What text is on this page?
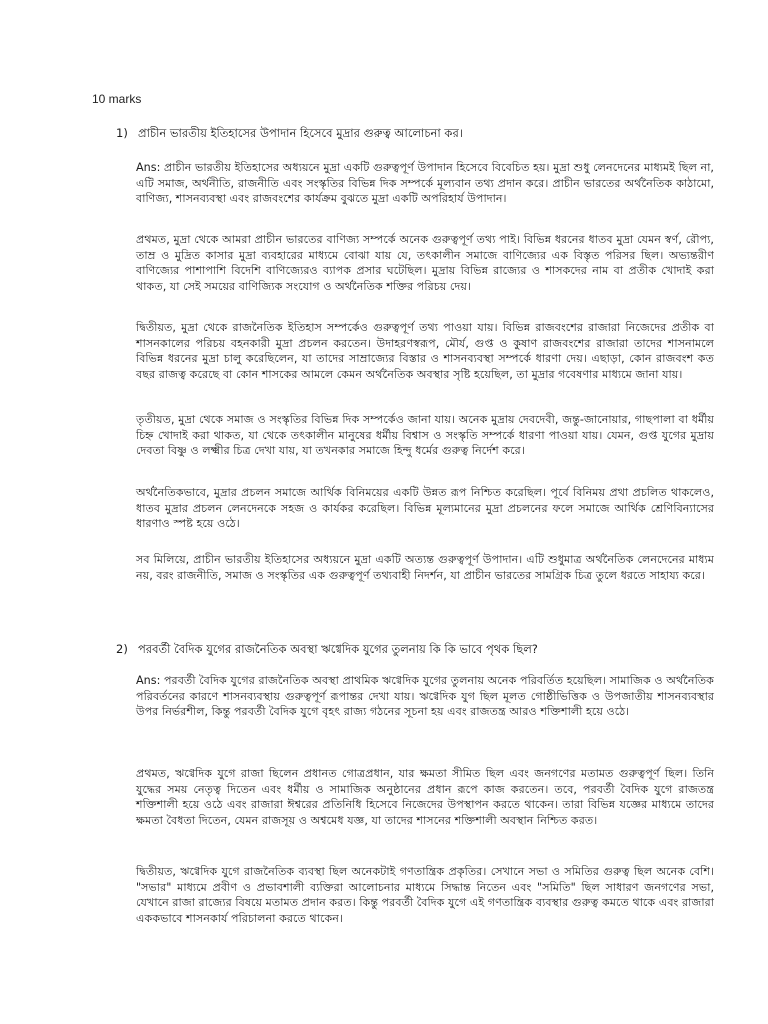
10 marks
1) প্রাচীন ভারতীয় ইতিহাসের উপাদান হিসেবে মুদ্রার গুরুত্ব আলোচনা কর।
Ans: প্রাচীন ভারতীয় ইতিহাসের অধ্যয়নে মুদ্রা একটি গুরুত্বপূর্ণ উপাদান হিসেবে বিবেচিত হয়। মুদ্রা শুধু লেনদেনের মাধ্যমই ছিল না, এটি সমাজ, অর্থনীতি, রাজনীতি এবং সংস্কৃতির বিভিন্ন দিক সম্পর্কে মূল্যবান তথ্য প্রদান করে। প্রাচীন ভারতের অর্থনৈতিক কাঠামো, বাণিজ্য, শাসনব্যবস্থা এবং রাজবংশের কার্যক্রম বুঝতে মুদ্রা একটি অপরিহার্য উপাদান।
প্রথমত, মুদ্রা থেকে আমরা প্রাচীন ভারতের বাণিজ্য সম্পর্কে অনেক গুরুত্বপূর্ণ তথ্য পাই। বিভিন্ন ধরনের ধাতব মুদ্রা যেমন স্বর্ণ, রৌপ্য, তাম্র ও মুদ্রিত কাসার মুদ্রা ব্যবহারের মাধ্যমে বোঝা যায় যে, তৎকালীন সমাজে বাণিজ্যের এক বিস্তৃত পরিসর ছিল। অভ্যন্তরীণ বাণিজ্যের পাশাপাশি বিদেশি বাণিজ্যেরও ব্যাপক প্রসার ঘটেছিল। মুদ্রায় বিভিন্ন রাজ্যের ও শাসকদের নাম বা প্রতীক খোদাই করা থাকত, যা সেই সময়ের বাণিজ্যিক সংযোগ ও অর্থনৈতিক শক্তির পরিচয় দেয়।
দ্বিতীয়ত, মুদ্রা থেকে রাজনৈতিক ইতিহাস সম্পর্কেও গুরুত্বপূর্ণ তথ্য পাওয়া যায়। বিভিন্ন রাজবংশের রাজারা নিজেদের প্রতীক বা শাসনকালের পরিচয় বহনকারী মুদ্রা প্রচলন করতেন। উদাহরণস্বরূপ, মৌর্য, গুপ্ত ও কুষাণ রাজবংশের রাজারা তাদের শাসনামলে বিভিন্ন ধরনের মুদ্রা চালু করেছিলেন, যা তাদের সাম্রাজ্যের বিস্তার ও শাসনব্যবস্থা সম্পর্কে ধারণা দেয়। এছাড়া, কোন রাজবংশ কত বছর রাজত্ব করেছে বা কোন শাসকের আমলে কেমন অর্থনৈতিক অবস্থার সৃষ্টি হয়েছিল, তা মুদ্রার গবেষণার মাধ্যমে জানা যায়।
তৃতীয়ত, মুদ্রা থেকে সমাজ ও সংস্কৃতির বিভিন্ন দিক সম্পর্কেও জানা যায়। অনেক মুদ্রায় দেবদেবী, জন্তু-জানোয়ার, গাছপালা বা ধর্মীয় চিহ্ন খোদাই করা থাকত, যা থেকে তৎকালীন মানুষের ধর্মীয় বিশ্বাস ও সংস্কৃতি সম্পর্কে ধারণা পাওয়া যায়। যেমন, গুপ্ত যুগের মুদ্রায় দেবতা বিষ্ণু ও লক্ষ্মীর চিত্র দেখা যায়, যা তখনকার সমাজে হিন্দু ধর্মের গুরুত্ব নির্দেশ করে।
অর্থনৈতিকভাবে, মুদ্রার প্রচলন সমাজে আর্থিক বিনিময়ের একটি উন্নত রূপ নিশ্চিত করেছিল। পূর্বে বিনিময় প্রথা প্রচলিত থাকলেও, ধাতব মুদ্রার প্রচলন লেনদেনকে সহজ ও কার্যকর করেছিল। বিভিন্ন মূল্যমানের মুদ্রা প্রচলনের ফলে সমাজে আর্থিক শ্রেণিবিন্যাসের ধারণাও স্পষ্ট হয়ে ওঠে।
সব মিলিয়ে, প্রাচীন ভারতীয় ইতিহাসের অধ্যয়নে মুদ্রা একটি অত্যন্ত গুরুত্বপূর্ণ উপাদান। এটি শুধুমাত্র অর্থনৈতিক লেনদেনের মাধ্যম নয়, বরং রাজনীতি, সমাজ ও সংস্কৃতির এক গুরুত্বপূর্ণ তথ্যবাহী নিদর্শন, যা প্রাচীন ভারতের সামগ্রিক চিত্র তুলে ধরতে সাহায্য করে।
2) পরবর্তী বৈদিক যুগের রাজনৈতিক অবস্থা ঋগ্বেদিক যুগের তুলনায় কি কি ভাবে পৃথক ছিল?
Ans: পরবর্তী বৈদিক যুগের রাজনৈতিক অবস্থা প্রাথমিক ঋগ্বেদিক যুগের তুলনায় অনেক পরিবর্তিত হয়েছিল। সামাজিক ও অর্থনৈতিক পরিবর্তনের কারণে শাসনব্যবস্থায় গুরুত্বপূর্ণ রূপান্তর দেখা যায়। ঋগ্বেদিক যুগ ছিল মূলত গোষ্ঠীভিত্তিক ও উপজাতীয় শাসনব্যবস্থার উপর নির্ভরশীল, কিন্তু পরবর্তী বৈদিক যুগে বৃহৎ রাজ্য গঠনের সূচনা হয় এবং রাজতন্ত্র আরও শক্তিশালী হয়ে ওঠে।
প্রথমত, ঋগ্বেদিক যুগে রাজা ছিলেন প্রধানত গোত্রপ্রধান, যার ক্ষমতা সীমিত ছিল এবং জনগণের মতামত গুরুত্বপূর্ণ ছিল। তিনি যুদ্ধের সময় নেতৃত্ব দিতেন এবং ধর্মীয় ও সামাজিক অনুষ্ঠানের প্রধান রূপে কাজ করতেন। তবে, পরবর্তী বৈদিক যুগে রাজতন্ত্র শক্তিশালী হয়ে ওঠে এবং রাজারা ঈশ্বরের প্রতিনিধি হিসেবে নিজেদের উপস্থাপন করতে থাকেন। তারা বিভিন্ন যজ্ঞের মাধ্যমে তাদের ক্ষমতা বৈধতা দিতেন, যেমন রাজসূয় ও অশ্বমেধ যজ্ঞ, যা তাদের শাসনের শক্তিশালী অবস্থান নিশ্চিত করত।
দ্বিতীয়ত, ঋগ্বেদিক যুগে রাজনৈতিক ব্যবস্থা ছিল অনেকটাই গণতান্ত্রিক প্রকৃতির। সেখানে সভা ও সমিতির গুরুত্ব ছিল অনেক বেশি। "সভার" মাধ্যমে প্রবীণ ও প্রভাবশালী ব্যক্তিরা আলোচনার মাধ্যমে সিদ্ধান্ত নিতেন এবং "সমিতি" ছিল সাধারণ জনগণের সভা, যেখানে রাজা রাজ্যের বিষয়ে মতামত প্রদান করত। কিন্তু পরবর্তী বৈদিক যুগে এই গণতান্ত্রিক ব্যবস্থার গুরুত্ব কমতে থাকে এবং রাজারা এককভাবে শাসনকার্য পরিচালনা করতে থাকেন।
